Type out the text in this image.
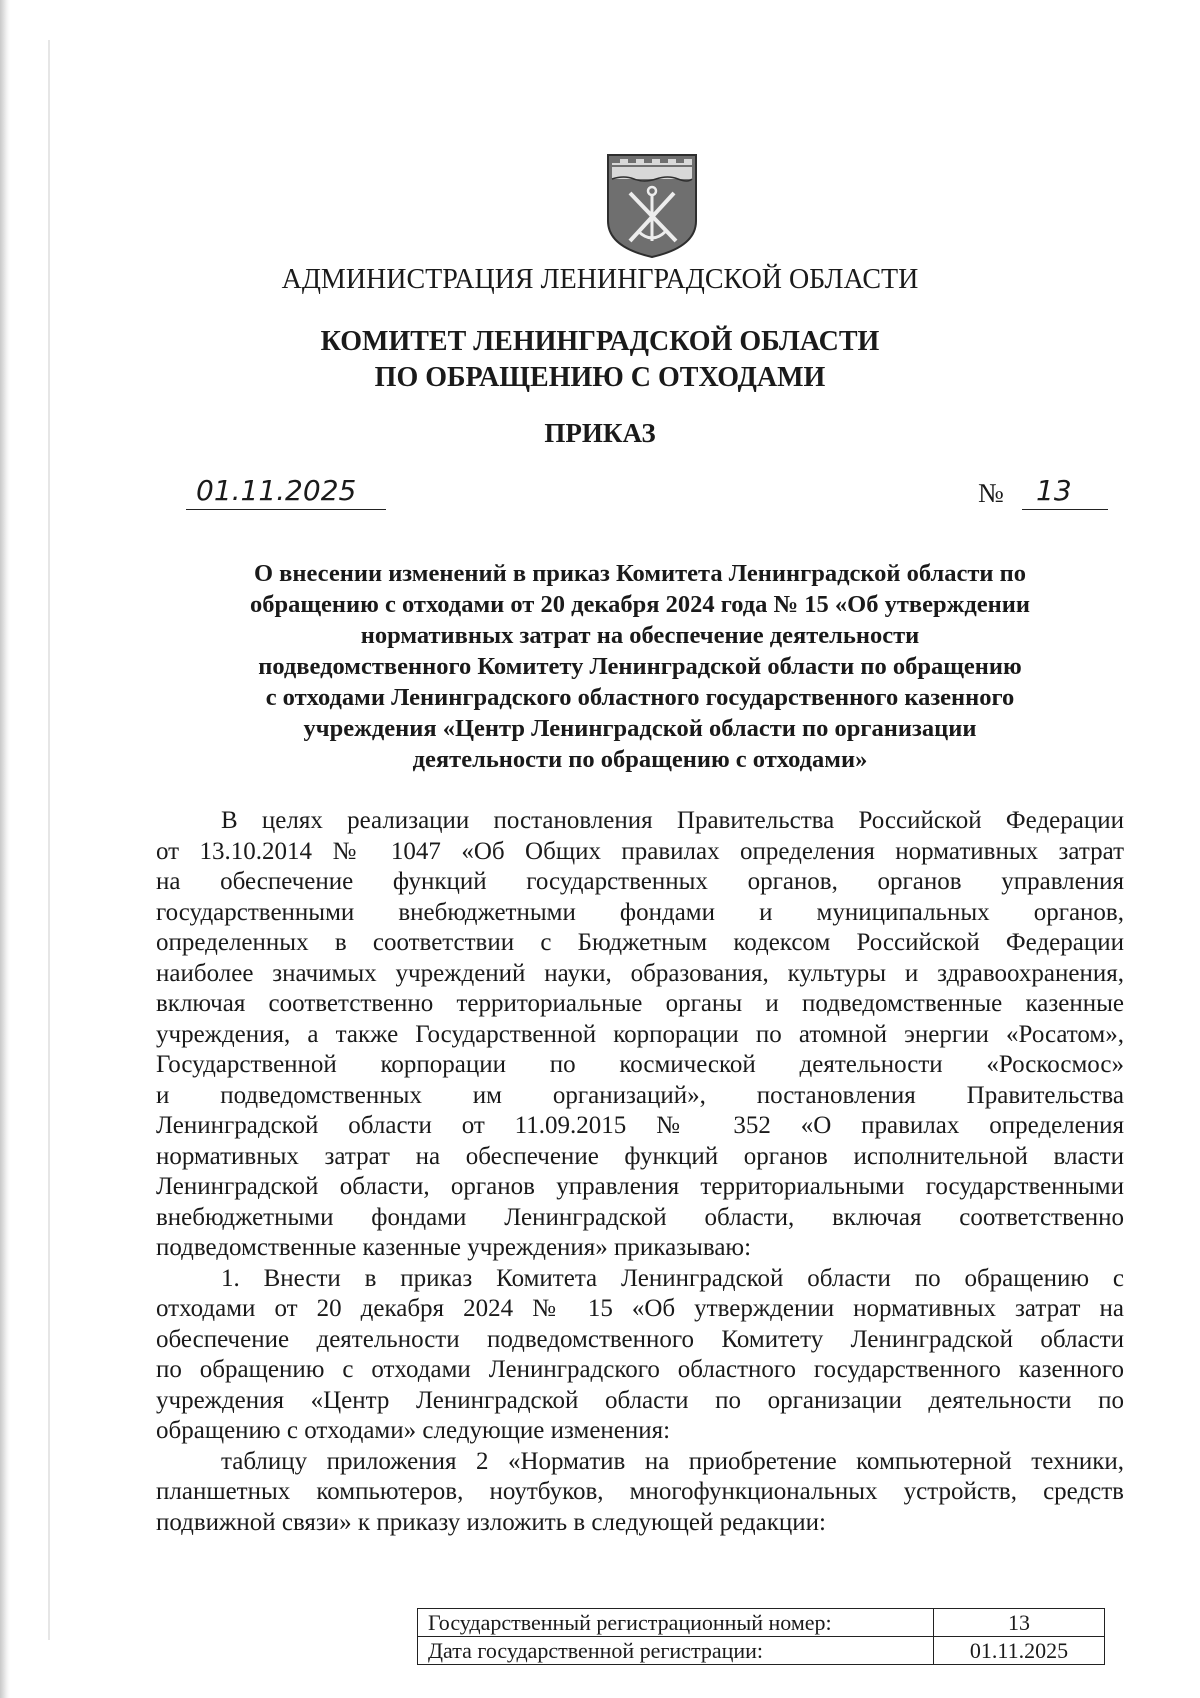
АДМИНИСТРАЦИЯ ЛЕНИНГРАДСКОЙ ОБЛАСТИ
КОМИТЕТ ЛЕНИНГРАДСКОЙ ОБЛАСТИ
ПО ОБРАЩЕНИЮ С ОТХОДАМИ
ПРИКАЗ
01.11.2025	№	13
О внесении изменений в приказ Комитета Ленинградской области по
обращению с отходами от 20 декабря 2024 года № 15 «Об утверждении
нормативных затрат на обеспечение деятельности
подведомственного Комитету Ленинградской области по обращению
с отходами Ленинградского областного государственного казенного
учреждения «Центр Ленинградской области по организации
деятельности по обращению с отходами»
В целях реализации постановления Правительства Российской Федерации
от 13.10.2014 № 1047 «Об Общих правилах определения нормативных затрат
на обеспечение функций государственных органов, органов управления
государственными внебюджетными фондами и муниципальных органов,
определенных в соответствии с Бюджетным кодексом Российской Федерации
наиболее значимых учреждений науки, образования, культуры и здравоохранения,
включая соответственно территориальные органы и подведомственные казенные
учреждения, а также Государственной корпорации по атомной энергии «Росатом»,
Государственной корпорации по космической деятельности «Роскосмос»
и подведомственных им организаций», постановления Правительства
Ленинградской области от 11.09.2015 № 352 «О правилах определения
нормативных затрат на обеспечение функций органов исполнительной власти
Ленинградской области, органов управления территориальными государственными
внебюджетными фондами Ленинградской области, включая соответственно
подведомственные казенные учреждения» приказываю:
1. Внести в приказ Комитета Ленинградской области по обращению с
отходами от 20 декабря 2024 № 15 «Об утверждении нормативных затрат на
обеспечение деятельности подведомственного Комитету Ленинградской области
по обращению с отходами Ленинградского областного государственного казенного
учреждения «Центр Ленинградской области по организации деятельности по
обращению с отходами» следующие изменения:
таблицу приложения 2 «Норматив на приобретение компьютерной техники,
планшетных компьютеров, ноутбуков, многофункциональных устройств, средств
подвижной связи» к приказу изложить в следующей редакции:
Государственный регистрационный номер:	13
Дата государственной регистрации:	01.11.2025
